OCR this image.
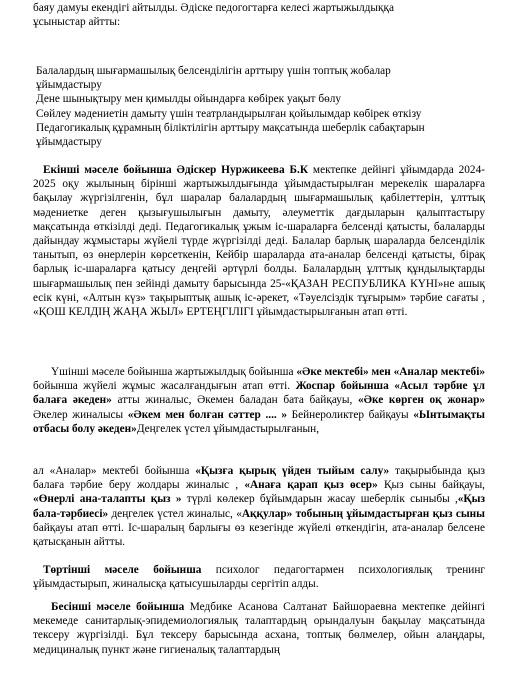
баяу дамуы екендігі айтылды. Әдіске педогогтарға келесі жартыжылдыққа

ұсыныстар айтты:

Балалардың шығармашылық белсенділігін арттыру үшін топтық жобалар ұйымдастыру

Дене шынықтыру мен қимылды ойындарға көбірек уақыт бөлу

Сөйлеу мәдениетін дамыту үшін театрландырылған қойылымдар көбірек өткізу

Педагогикалық құрамның біліктілігін арттыру мақсатында шеберлік сабақтарын ұйымдастыру

Екінші мәселе бойынша Әдіскер Нуржикеева Б.К мектепке дейінгі ұйымдарда 2024-2025 оқу жылының бірінші жартыжылдығында ұйымдастырылған мерекелік шараларға бақылау жүргізілгенін, бұл шаралар балалардың шығармашылық қабілеттерін, ұлттық мәдениетке деген қызығушылығын дамыту, әлеуметтік дағдыларын қалыптастыру мақсатында өткізілді деді. Педагогикалық ұжым іс-шараларға белсенді қатысты, балаларды дайындау жұмыстары жүйелі түрде жүргізілді деді. Балалар барлық шараларда белсенділік танытып, өз өнерлерін көрсеткенін, Кейбір шараларда ата-аналар белсенді қатысты, бірақ барлық іс-шараларға қатысу деңгейі әртүрлі болды. Балалардың ұлттық құндылықтарды шығармашылық пен зейінді дамыту барысында 25-«ҚАЗАН РЕСПУБЛИКА КҮНІ»не ашық есік күні, «Алтын күз» тақырыптық ашық іс-әрекет, «Тәуелсіздік тұғырым» тәрбие сағаты , «ҚОШ КЕЛДІҢ ЖАҢА ЖЫЛ» ЕРТЕҢГІЛІГІ ұйымдастырылғанын атап өтті.

Үшінші мәселе бойынша жартыжылдық бойынша «Әке мектебі» мен «Аналар мектебі» бойынша жүйелі жұмыс жасалғандығын атап өтті. Жоспар бойынша «Асыл тәрбие ұл балаға әкеден» атты жиналыс, Әкемен баладан бата байқауы, «Әке көрген оқ жонар» Әкелер жиналысы «Әкем мен болған сәттер .... » Бейнероликтер байқауы «Ынтымақты отбасы болу әкеден»Деңгелек үстел ұйымдастырылғанын,

ал «Аналар» мектебі бойынша «Қызға қырық үйден тыйым салу» тақырыбында қыз балаға тәрбие беру жолдары жиналыс , «Анаға қарап қыз өсер» Қыз сыны байқауы, «Өнерлі ана-талапты қыз » түрлі көлекер бұйымдарын жасау шеберлік сыныбы ,«Қыз бала-тәрбиесі» деңгелек үстел жиналыс, «Аққулар» тобының ұйымдастырған қыз сыны байқауы атап өтті. Іс-шаралың барлығы өз кезегінде жүйелі өткендігін, ата-аналар белсене қатысқанын айтты.

Төртінші мәселе бойынша психолог педагогтармен психологиялық тренинг ұйымдастырып, жиналысқа қатысушыларды сергітіп алды.

Бесінші мәселе бойынша Медбике Асанова Салтанат Байшораевна мектепке дейінгі мекемеде санитарлық-эпидемиологиялық талаптардың орындалуын бақылау мақсатында тексеру жүргізілді. Бұл тексеру барысында асхана, топтық бөлмелер, ойын алаңдары, медициналық пункт және гигиеналық талаптардың
